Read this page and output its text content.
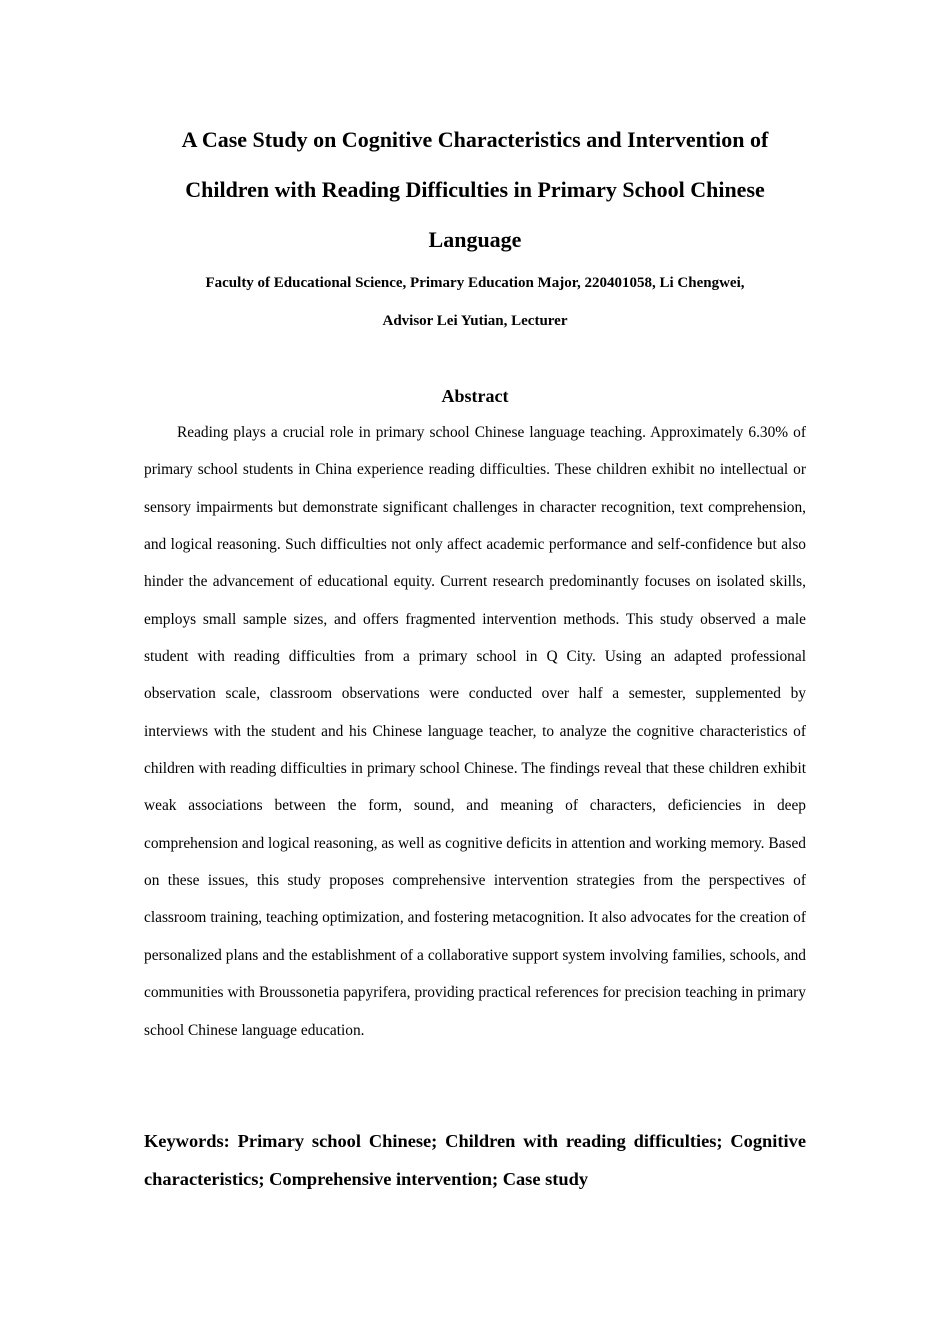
A Case Study on Cognitive Characteristics and Intervention of Children with Reading Difficulties in Primary School Chinese Language
Faculty of Educational Science, Primary Education Major, 220401058, Li Chengwei,
Advisor Lei Yutian, Lecturer
Abstract

Reading plays a crucial role in primary school Chinese language teaching. Approximately 6.30% of primary school students in China experience reading difficulties. These children exhibit no intellectual or sensory impairments but demonstrate significant challenges in character recognition, text comprehension, and logical reasoning. Such difficulties not only affect academic performance and self-confidence but also hinder the advancement of educational equity. Current research predominantly focuses on isolated skills, employs small sample sizes, and offers fragmented intervention methods. This study observed a male student with reading difficulties from a primary school in Q City. Using an adapted professional observation scale, classroom observations were conducted over half a semester, supplemented by interviews with the student and his Chinese language teacher, to analyze the cognitive characteristics of children with reading difficulties in primary school Chinese. The findings reveal that these children exhibit weak associations between the form, sound, and meaning of characters, deficiencies in deep comprehension and logical reasoning, as well as cognitive deficits in attention and working memory. Based on these issues, this study proposes comprehensive intervention strategies from the perspectives of classroom training, teaching optimization, and fostering metacognition. It also advocates for the creation of personalized plans and the establishment of a collaborative support system involving families, schools, and communities with Broussonetia papyrifera, providing practical references for precision teaching in primary school Chinese language education.

Keywords: Primary school Chinese; Children with reading difficulties; Cognitive characteristics; Comprehensive intervention; Case study
